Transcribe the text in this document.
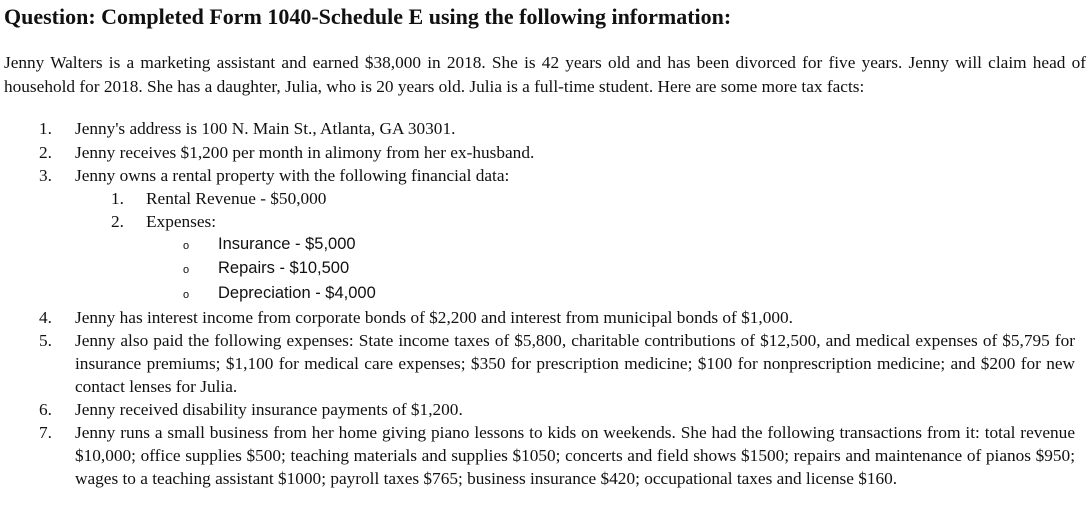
Question: Completed Form 1040-Schedule E using the following information:
Jenny Walters is a marketing assistant and earned $38,000 in 2018. She is 42 years old and has been divorced for five years. Jenny will claim head of household for 2018. She has a daughter, Julia, who is 20 years old. Julia is a full-time student. Here are some more tax facts:
1. Jenny's address is 100 N. Main St., Atlanta, GA 30301.
2. Jenny receives $1,200 per month in alimony from her ex-husband.
3. Jenny owns a rental property with the following financial data:
1. Rental Revenue - $50,000
2. Expenses:
o Insurance - $5,000
o Repairs - $10,500
o Depreciation - $4,000
4. Jenny has interest income from corporate bonds of $2,200 and interest from municipal bonds of $1,000.
5. Jenny also paid the following expenses: State income taxes of $5,800, charitable contributions of $12,500, and medical expenses of $5,795 for insurance premiums; $1,100 for medical care expenses; $350 for prescription medicine; $100 for nonprescription medicine; and $200 for new contact lenses for Julia.
6. Jenny received disability insurance payments of $1,200.
7. Jenny runs a small business from her home giving piano lessons to kids on weekends. She had the following transactions from it: total revenue $10,000; office supplies $500; teaching materials and supplies $1050; concerts and field shows $1500; repairs and maintenance of pianos $950; wages to a teaching assistant $1000; payroll taxes $765; business insurance $420; occupational taxes and license $160.
